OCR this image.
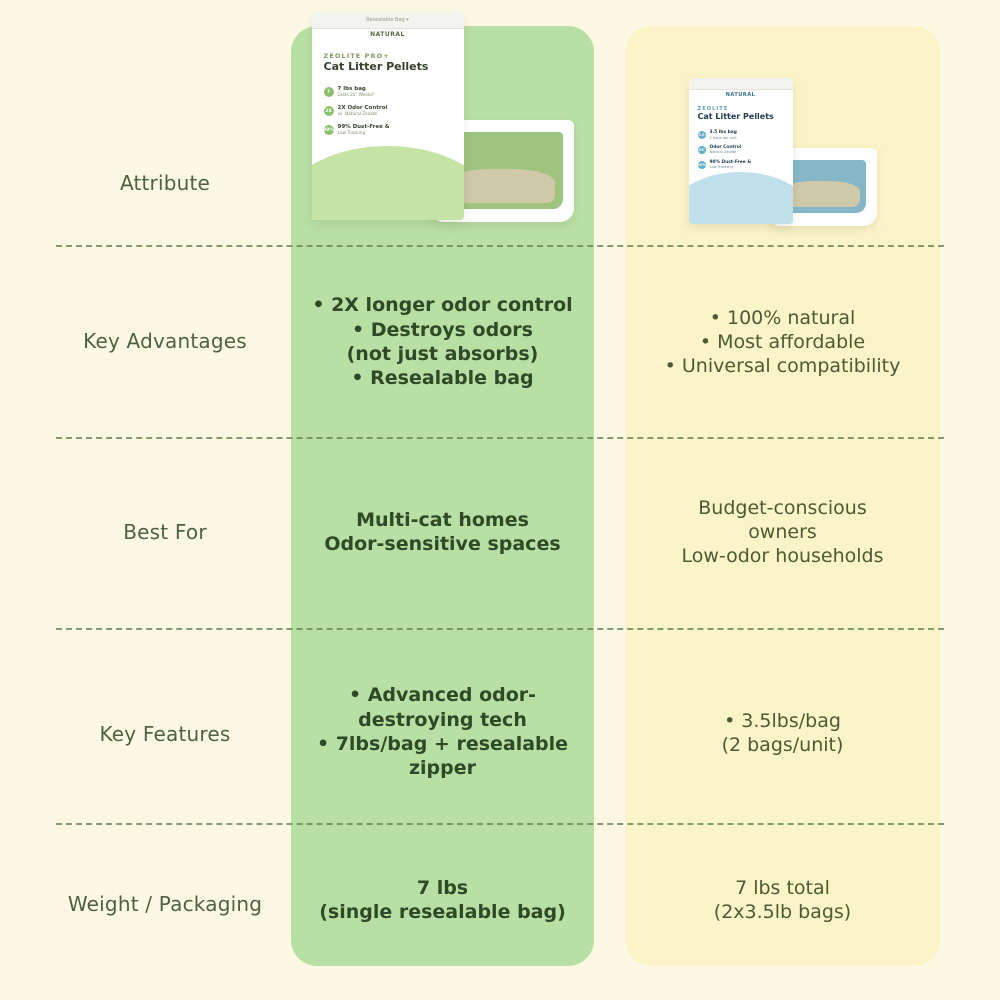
Resealable Bag ▾
NATURAL
ZEOLITE PRO+
Cat Litter Pellets
7	7 lbs bag
Lasts 2x" Weeks*
2X	2X Odor Control
vs. Natural Zeolite
99% 99% Dust-Free &
Low Tracking
NATURAL
ZEOLITE
Cat Litter Pellets
3.5 3.5 lbs bag
2 bags per unit
OC Odor Control
Natural Zeolite
90% 90% Dust-Free &
Low Tracking
Attribute
Key Advantages
• 2X longer odor control
• Destroys odors
(not just absorbs)
• Resealable bag
• 100% natural
• Most affordable
• Universal compatibility
Best For
Multi-cat homes
Odor-sensitive spaces
Budget-conscious
owners
Low-odor households
Key Features
• Advanced odor-
destroying tech
• 7lbs/bag + resealable
zipper
• 3.5lbs/bag
(2 bags/unit)
Weight / Packaging
7 lbs
(single resealable bag)
7 lbs total
(2x3.5lb bags)
